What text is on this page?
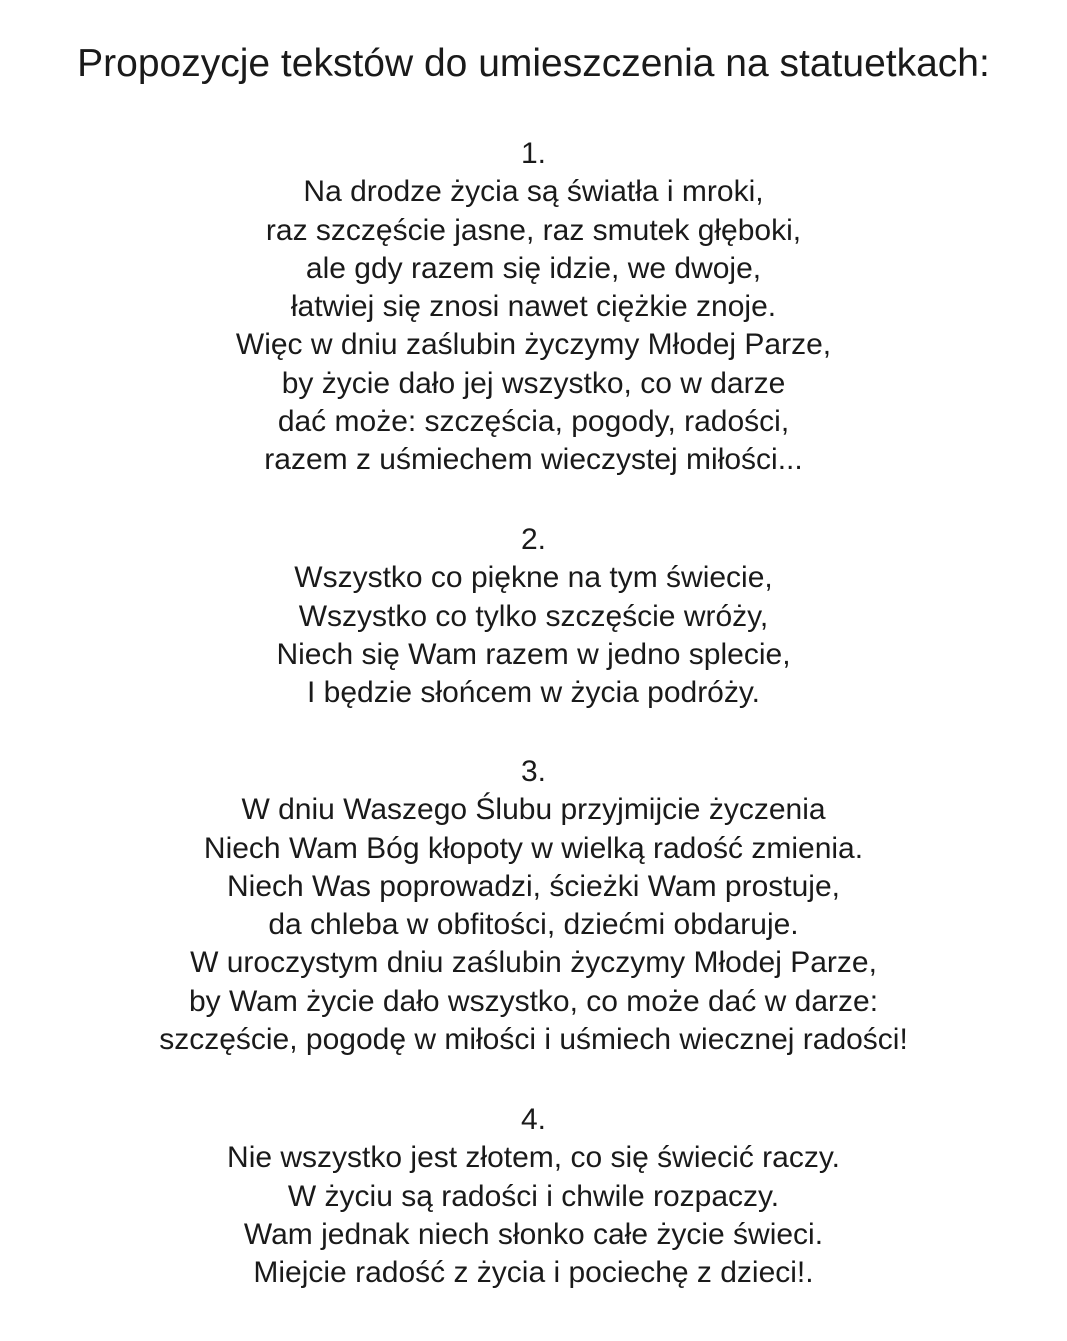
Propozycje tekstów do umieszczenia na statuetkach:
1.
Na drodze życia są światła i mroki,
raz szczęście jasne, raz smutek głęboki,
ale gdy razem się idzie, we dwoje,
łatwiej się znosi nawet ciężkie znoje.
Więc w dniu zaślubin życzymy Młodej Parze,
by życie dało jej wszystko, co w darze
dać może: szczęścia, pogody, radości,
razem z uśmiechem wieczystej miłości...
2.
Wszystko co piękne na tym świecie,
Wszystko co tylko szczęście wróży,
Niech się Wam razem w jedno splecie,
I będzie słońcem w życia podróży.
3.
W dniu Waszego Ślubu przyjmijcie życzenia
Niech Wam Bóg kłopoty w wielką radość zmienia.
Niech Was poprowadzi, ścieżki Wam prostuje,
da chleba w obfitości, dziećmi obdaruje.
W uroczystym dniu zaślubin życzymy Młodej Parze,
by Wam życie dało wszystko, co może dać w darze:
szczęście, pogodę w miłości i uśmiech wiecznej radości!
4.
Nie wszystko jest złotem, co się świecić raczy.
W życiu są radości i chwile rozpaczy.
Wam jednak niech słonko całe życie świeci.
Miejcie radość z życia i pociechę z dzieci!.
